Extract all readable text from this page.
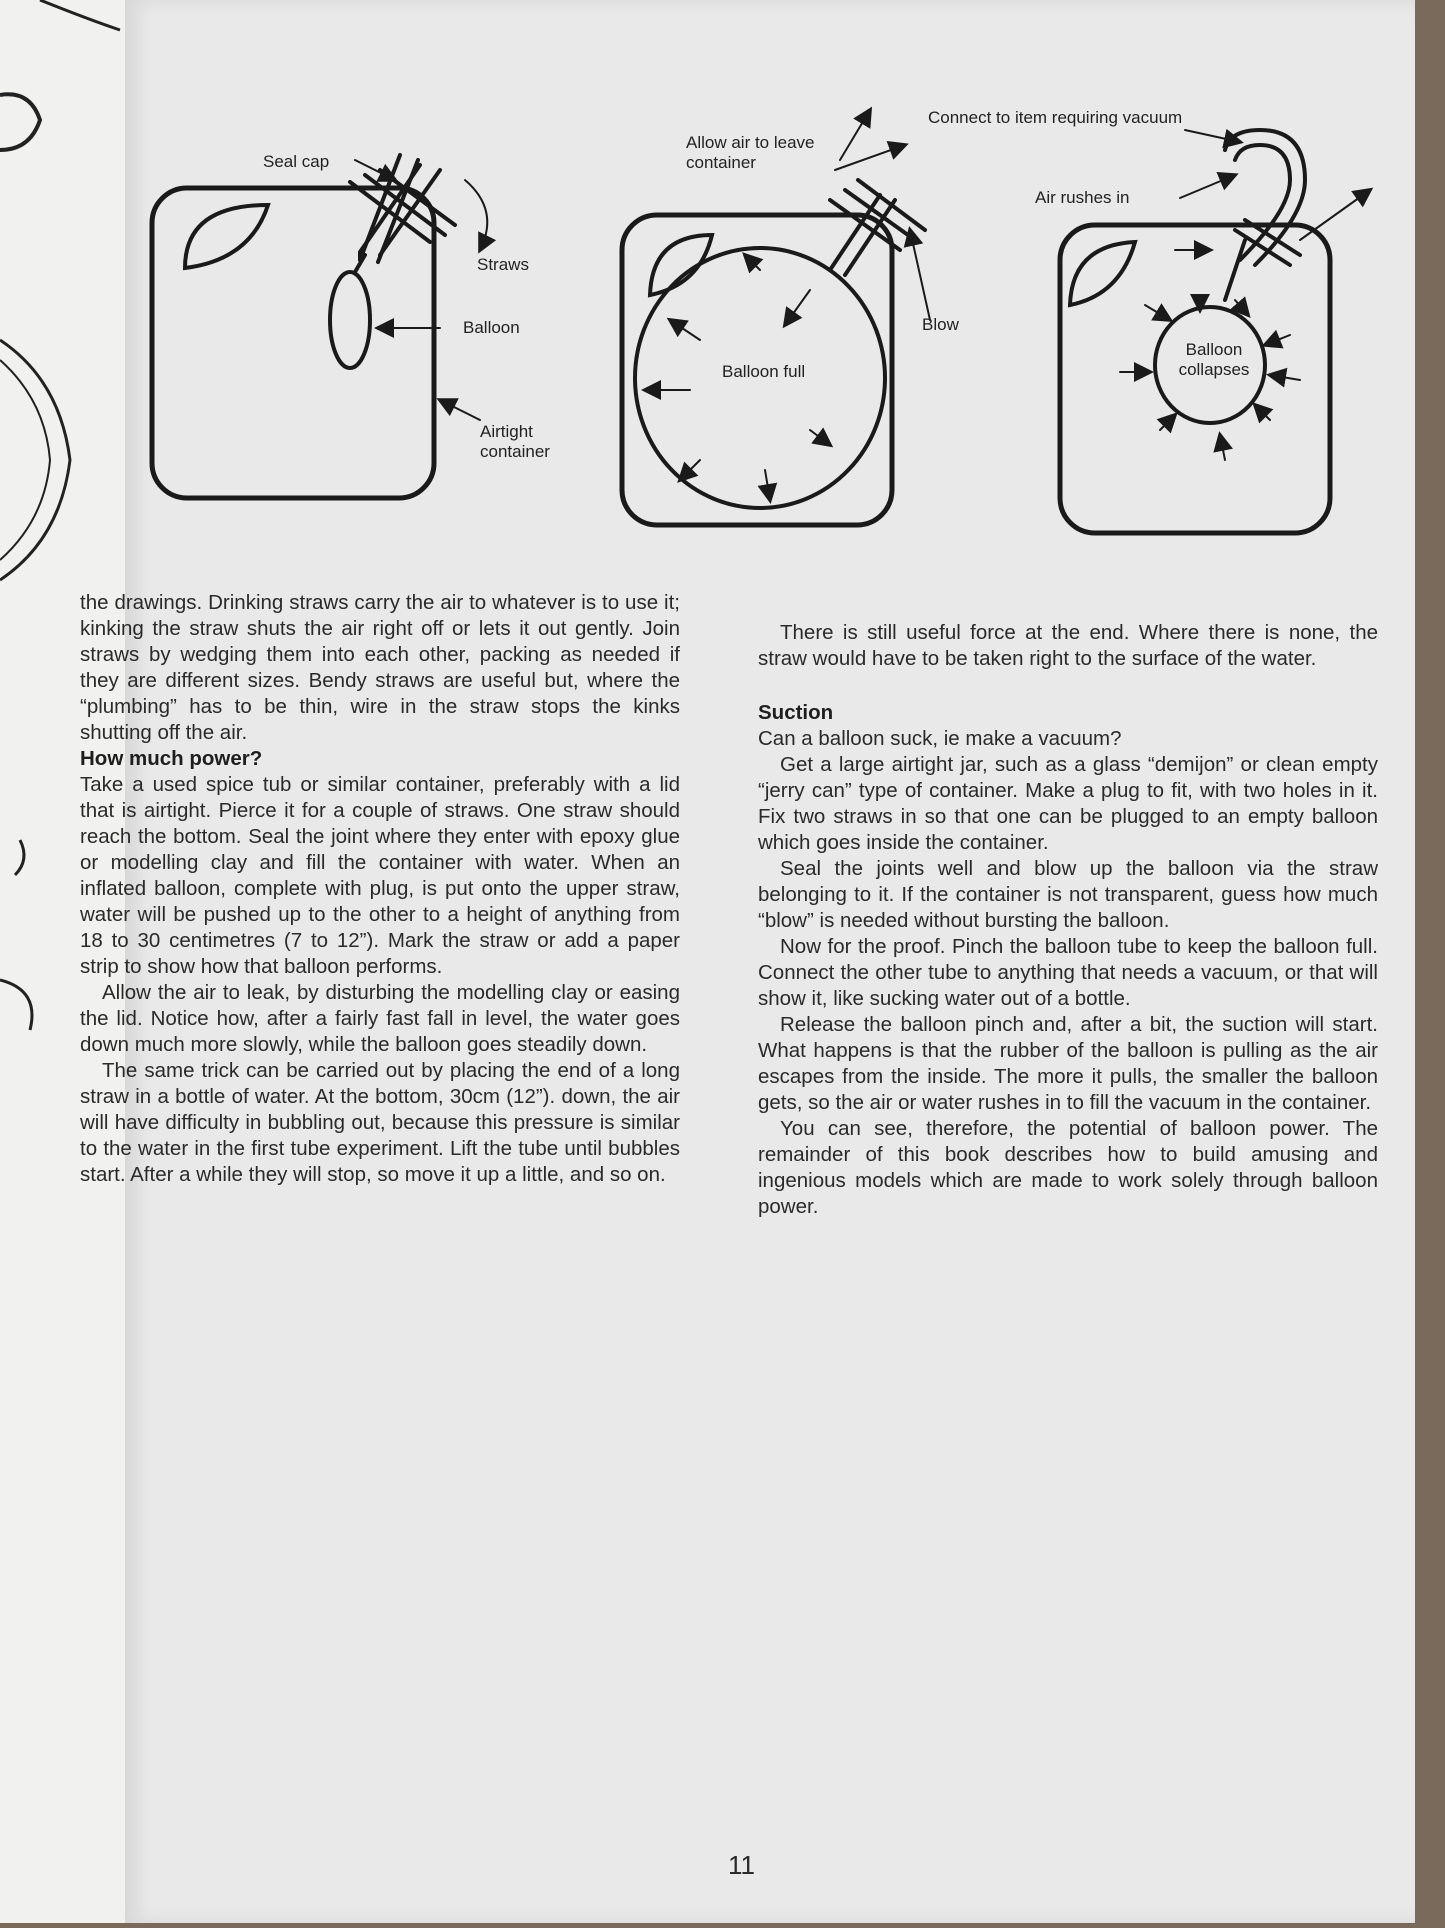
Seal cap
Straws
Balloon
Airtight container
Allow air to leave container
Blow
Balloon full
Connect to item requiring vacuum
Air rushes in
Balloon collapses

the drawings. Drinking straws carry the air to whatever is to use it; kinking the straw shuts the air right off or lets it out gently. Join straws by wedging them into each other, packing as needed if they are different sizes. Bendy straws are useful but, where the “plumbing” has to be thin, wire in the straw stops the kinks shutting off the air.

How much power?

Take a used spice tub or similar container, preferably with a lid that is airtight. Pierce it for a couple of straws. One straw should reach the bottom. Seal the joint where they enter with epoxy glue or modelling clay and fill the container with water. When an inflated balloon, complete with plug, is put onto the upper straw, water will be pushed up to the other to a height of anything from 18 to 30 centimetres (7 to 12”). Mark the straw or add a paper strip to show how that balloon performs.

Allow the air to leak, by disturbing the modelling clay or easing the lid. Notice how, after a fairly fast fall in level, the water goes down much more slowly, while the balloon goes steadily down.

The same trick can be carried out by placing the end of a long straw in a bottle of water. At the bottom, 30cm (12”). down, the air will have difficulty in bubbling out, because this pressure is similar to the water in the first tube experiment. Lift the tube until bubbles start. After a while they will stop, so move it up a little, and so on.

There is still useful force at the end. Where there is none, the straw would have to be taken right to the surface of the water.

Suction

Can a balloon suck, ie make a vacuum?

Get a large airtight jar, such as a glass “demijon” or clean empty “jerry can” type of container. Make a plug to fit, with two holes in it. Fix two straws in so that one can be plugged to an empty balloon which goes inside the container.

Seal the joints well and blow up the balloon via the straw belonging to it. If the container is not transparent, guess how much “blow” is needed without bursting the balloon.

Now for the proof. Pinch the balloon tube to keep the balloon full. Connect the other tube to anything that needs a vacuum, or that will show it, like sucking water out of a bottle.

Release the balloon pinch and, after a bit, the suction will start. What happens is that the rubber of the balloon is pulling as the air escapes from the inside. The more it pulls, the smaller the balloon gets, so the air or water rushes in to fill the vacuum in the container.

You can see, therefore, the potential of balloon power. The remainder of this book describes how to build amusing and ingenious models which are made to work solely through balloon power.

11
